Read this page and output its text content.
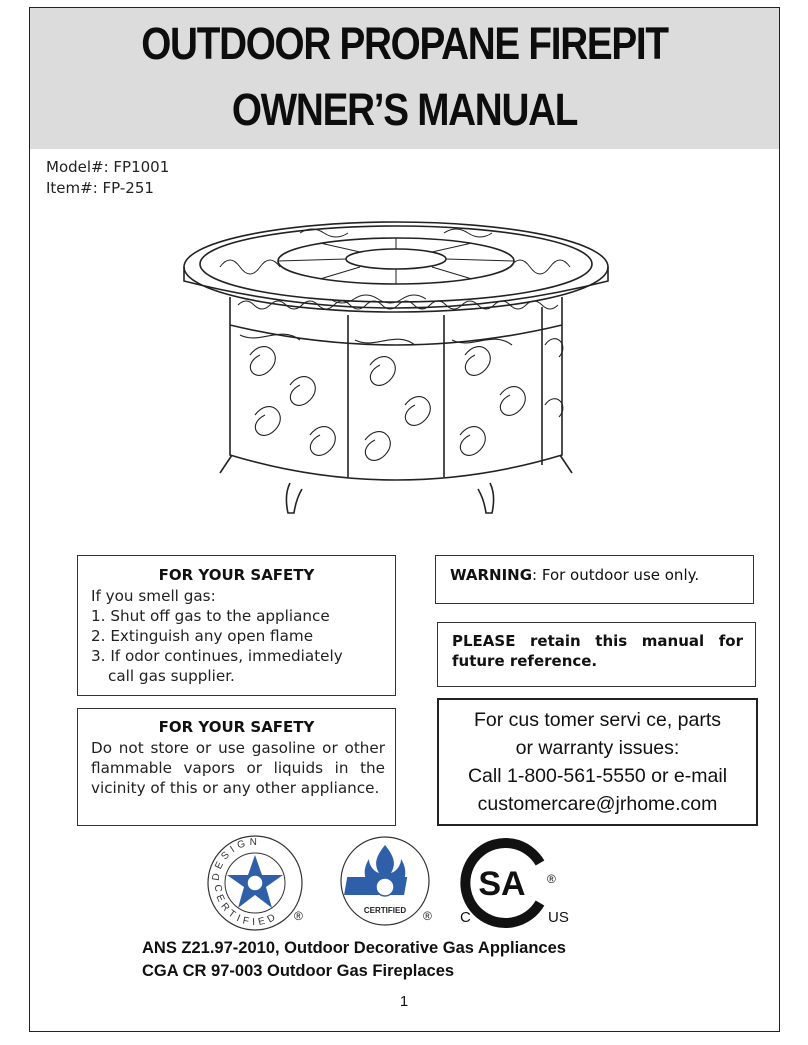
OUTDOOR PROPANE FIREPIT
OWNER’S MANUAL
Model#: FP1001
Item#: FP-251
FOR YOUR SAFETY

If you smell gas:

1. Shut off gas to the appliance

2. Extinguish any open flame

3. If odor continues, immediately

call gas supplier.

FOR YOUR SAFETY
Do not store or use gasoline or other flammable vapors or liquids in the vicinity of this or any other appliance.
WARNING: For outdoor use only.
PLEASE retain this manual for future reference.
For cus tomer servi ce, parts
or warranty issues:
Call 1-800-561-5550 or e-mail
customercare@jrhome.com
DESIGN
CERTIFIED ®	CERTIFIED ®
SA ®
C	US
ANS Z21.97-2010, Outdoor Decorative Gas Appliances
CGA CR 97-003 Outdoor Gas Fireplaces
1
